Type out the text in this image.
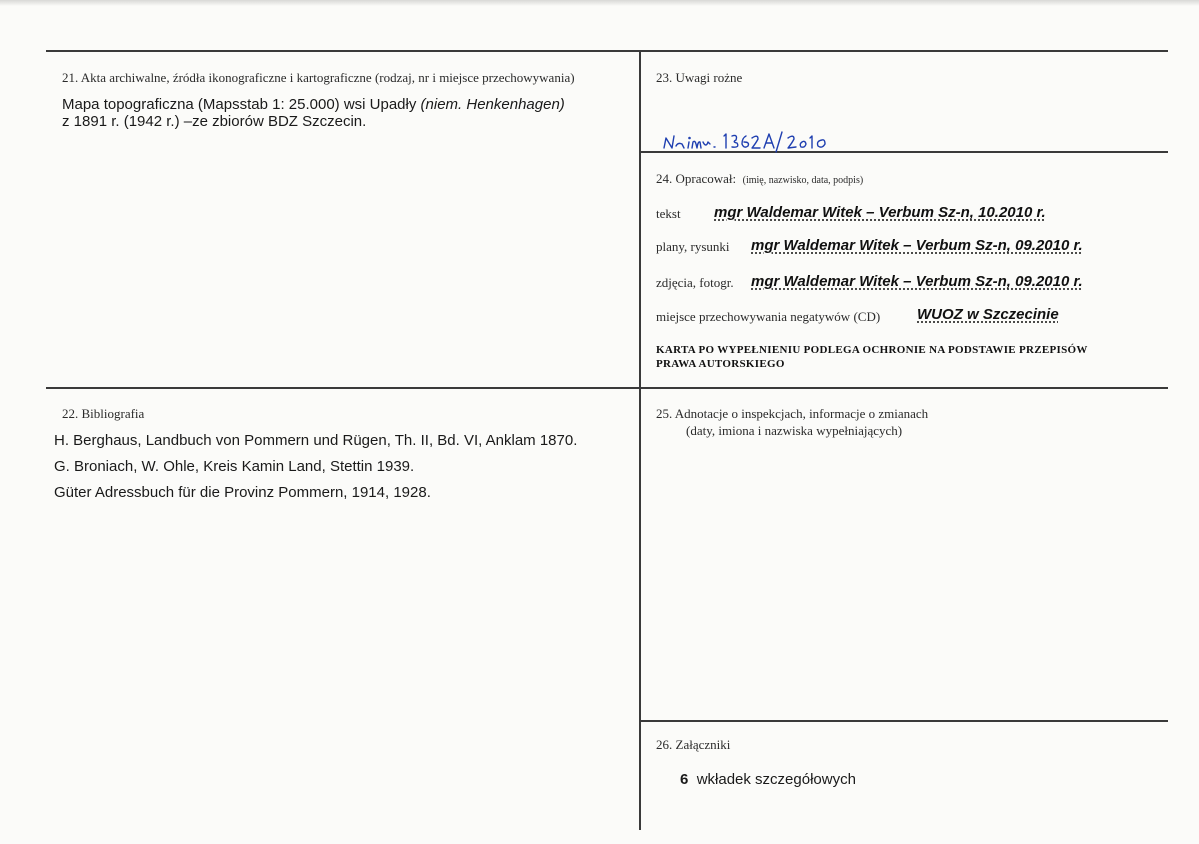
21. Akta archiwalne, źródła ikonograficzne i kartograficzne (rodzaj, nr i miejsce przechowywania)
Mapa topograficzna (Mapsstab 1: 25.000) wsi Upadły (niem. Henkenhagen)
z 1891 r. (1942 r.) –ze zbiorów BDZ Szczecin.
22. Bibliografia
H. Berghaus, Landbuch von Pommern und Rügen, Th. II, Bd. VI, Anklam 1870.
G. Broniach, W. Ohle, Kreis Kamin Land, Stettin 1939.
Güter Adressbuch für die Provinz Pommern, 1914, 1928.
23. Uwagi rożne
24. Opracował: (imię, nazwisko, data, podpis)
tekst mgr Waldemar Witek – Verbum Sz-n, 10.2010 r.
plany, rysunki mgr Waldemar Witek – Verbum Sz-n, 09.2010 r.
zdjęcia, fotogr. mgr Waldemar Witek – Verbum Sz-n, 09.2010 r.
miejsce przechowywania negatywów (CD) WUOZ w Szczecinie
KARTA PO WYPEŁNIENIU PODLEGA OCHRONIE NA PODSTAWIE PRZEPISÓW
PRAWA AUTORSKIEGO
25. Adnotacje o inspekcjach, informacje o zmianach
(daty, imiona i nazwiska wypełniających)
26. Załączniki
6 wkładek szczegółowych
